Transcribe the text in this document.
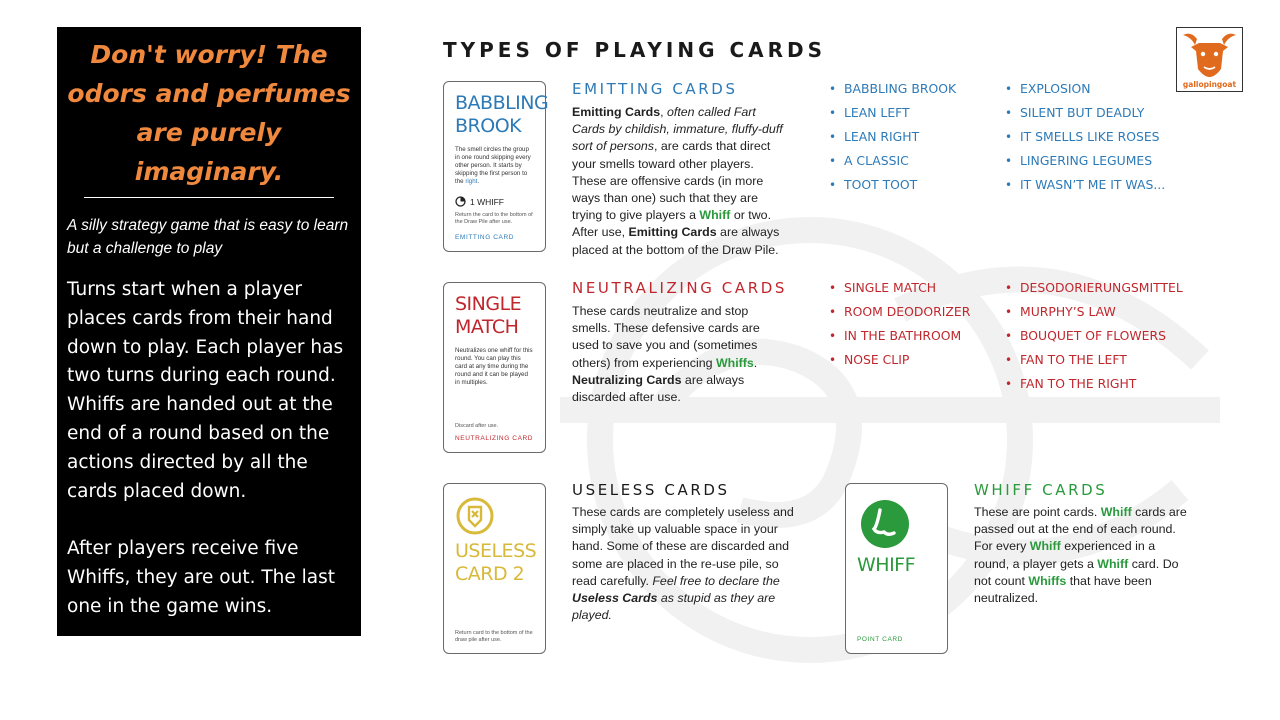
Don't worry! The odors and perfumes are purely imaginary.
A silly strategy game that is easy to learn but a challenge to play
Turns start when a player places cards from their hand down to play. Each player has two turns during each round. Whiffs are handed out at the end of a round based on the actions directed by all the cards placed down.
After players receive five Whiffs, they are out. The last one in the game wins.
TYPES OF PLAYING CARDS
gallopingoat
BABBLING
BROOK
The smell circles the group in one round skipping every other person. It starts by skipping the first person to the right.
1 WHIFF
Return the card to the bottom of the Draw Pile after use.
EMITTING CARD
EMITTING CARDS
Emitting Cards, often called Fart Cards by childish, immature, fluffy-duff sort of persons, are cards that direct your smells toward other players. These are offensive cards (in more ways than one) such that they are trying to give players a Whiff or two. After use, Emitting Cards are always placed at the bottom of the Draw Pile.
• BABBLING BROOK
• LEAN LEFT
• LEAN RIGHT
• A CLASSIC
• TOOT TOOT
• EXPLOSION
• SILENT BUT DEADLY
• IT SMELLS LIKE ROSES
• LINGERING LEGUMES
• IT WASN’T ME IT WAS...
SINGLE
MATCH
Neutralizes one whiff for this round. You can play this card at any time during the round and it can be played in multiples.
Discard after use.
NEUTRALIZING CARD
NEUTRALIZING CARDS
These cards neutralize and stop smells. These defensive cards are used to save you and (sometimes others) from experiencing Whiffs. Neutralizing Cards are always discarded after use.
• SINGLE MATCH
• ROOM DEODORIZER
• IN THE BATHROOM
• NOSE CLIP
• DESODORIERUNGSMITTEL
• MURPHY’S LAW
• BOUQUET OF FLOWERS
• FAN TO THE LEFT
• FAN TO THE RIGHT
USELESS
CARD 2
Return card to the bottom of the draw pile after use.
USELESS CARDS
These cards are completely useless and simply take up valuable space in your hand. Some of these are discarded and some are placed in the re-use pile, so read carefully. Feel free to declare the Useless Cards as stupid as they are played.
WHIFF
POINT CARD
WHIFF CARDS
These are point cards. Whiff cards are passed out at the end of each round. For every Whiff experienced in a round, a player gets a Whiff card. Do not count Whiffs that have been neutralized.
